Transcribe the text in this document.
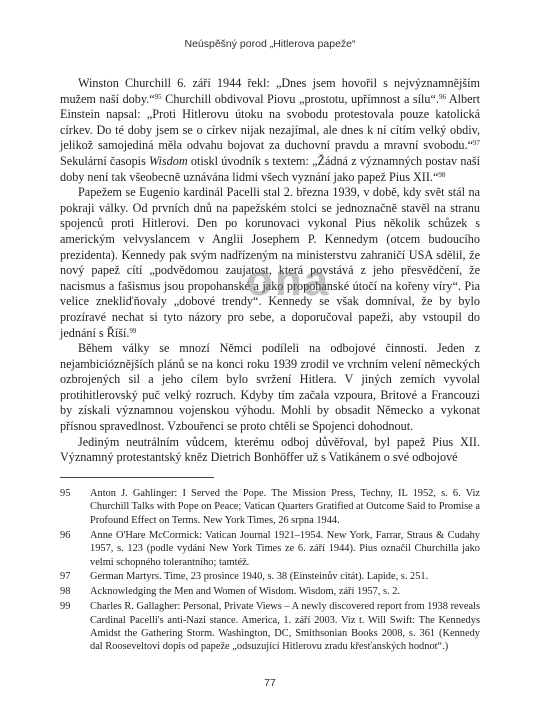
Neúspěšný porod „Hitlerova papeže“

Winston Churchill 6. září 1944 řekl: „Dnes jsem hovořil s nejvýznamnějším mužem naší doby.“$^{95}$ Churchill obdivoval Piovu „prostotu, upřímnost a sílu“.$^{96}$ Albert Einstein napsal: „Proti Hitlerovu útoku na svobodu protestovala pouze katolická církev. Do té doby jsem se o církev nijak nezajímal, ale dnes k ní cítím velký obdiv, jelikož samojediná měla odvahu bojovat za duchovní pravdu a mravní svobodu.“$^{97}$ Sekulární časopis Wisdom otiskl úvodník s textem: „Žádná z významných postav naší doby není tak všeobecně uznávána lidmi všech vyznání jako papež Pius XII.“$^{98}$

Papežem se Eugenio kardinál Pacelli stal 2. března 1939, v době, kdy svět stál na pokraji války. Od prvních dnů na papežském stolci se jednoznačně stavěl na stranu spojenců proti Hitlerovi. Den po korunovaci vykonal Pius několik schůzek s americkým velvyslancem v Anglii Josephem P. Kennedym (otcem budoucího prezidenta). Kennedy pak svým nadřízeným na ministerstvu zahraničí USA sdělil, že nový papež cítí „podvědomou zaujatost, která povstává z jeho přesvědčení, že nacismus a fašismus jsou propohanské a jako propohanské útočí na kořeny víry“. Pia velice znekliďňovaly „dobové trendy“. Kennedy se však domníval, že by bylo prozíravé nechat si tyto názory pro sebe, a doporučoval papeži, aby vstoupil do jednání s Říší.$^{99}$

Během války se mnozí Němci podíleli na odbojové činnosti. Jeden z nejambicióznějších plánů se na konci roku 1939 zrodil ve vrchním velení německých ozbrojených sil a jeho cílem bylo svržení Hitlera. V jiných zemích vyvolal protihitlerovský puč velký rozruch. Kdyby tím začala vzpoura, Britové a Francouzi by získali významnou vojenskou výhodu. Mohli by obsadit Německo a vykonat přísnou spravedlnost. Vzbouřenci se proto chtěli se Spojenci dohodnout.

Jediným neutrálním vůdcem, kterému odboj důvěřoval, byl papež Pius XII. Významný protestantský kněz Dietrich Bonhöffer už s Vatikánem o své odbojové

ona
95	Anton J. Gahlinger: I Served the Pope. The Mission Press, Techny, IL 1952, s. 6. Viz Churchill Talks with Pope on Peace; Vatican Quarters Gratified at Outcome Said to Promise a Profound Effect on Terms. New York Times, 26 srpna 1944.
96	Anne O'Hare McCormick: Vatican Journal 1921–1954. New York, Farrar, Straus & Cudahy 1957, s. 123 (podle vydání New York Times ze 6. září 1944). Pius označil Churchilla jako velmi schopného tolerantního; tamtéž.
97	German Martyrs. Time, 23 prosince 1940, s. 38 (Einsteinův citát). Lapide, s. 251.
98	Acknowledging the Men and Women of Wisdom. Wisdom, září 1957, s. 2.
99	Charles R. Gallagher: Personal, Private Views – A newly discovered report from 1938 reveals Cardinal Pacelli's anti-Nazi stance. America, 1. září 2003. Viz t. Will Swift: The Kennedys Amidst the Gathering Storm. Washington, DC, Smithsonian Books 2008, s. 361 (Kennedy dal Rooseveltovi dopis od papeže „odsuzující Hitlerovu zradu křesťanských hodnot“.)
77
